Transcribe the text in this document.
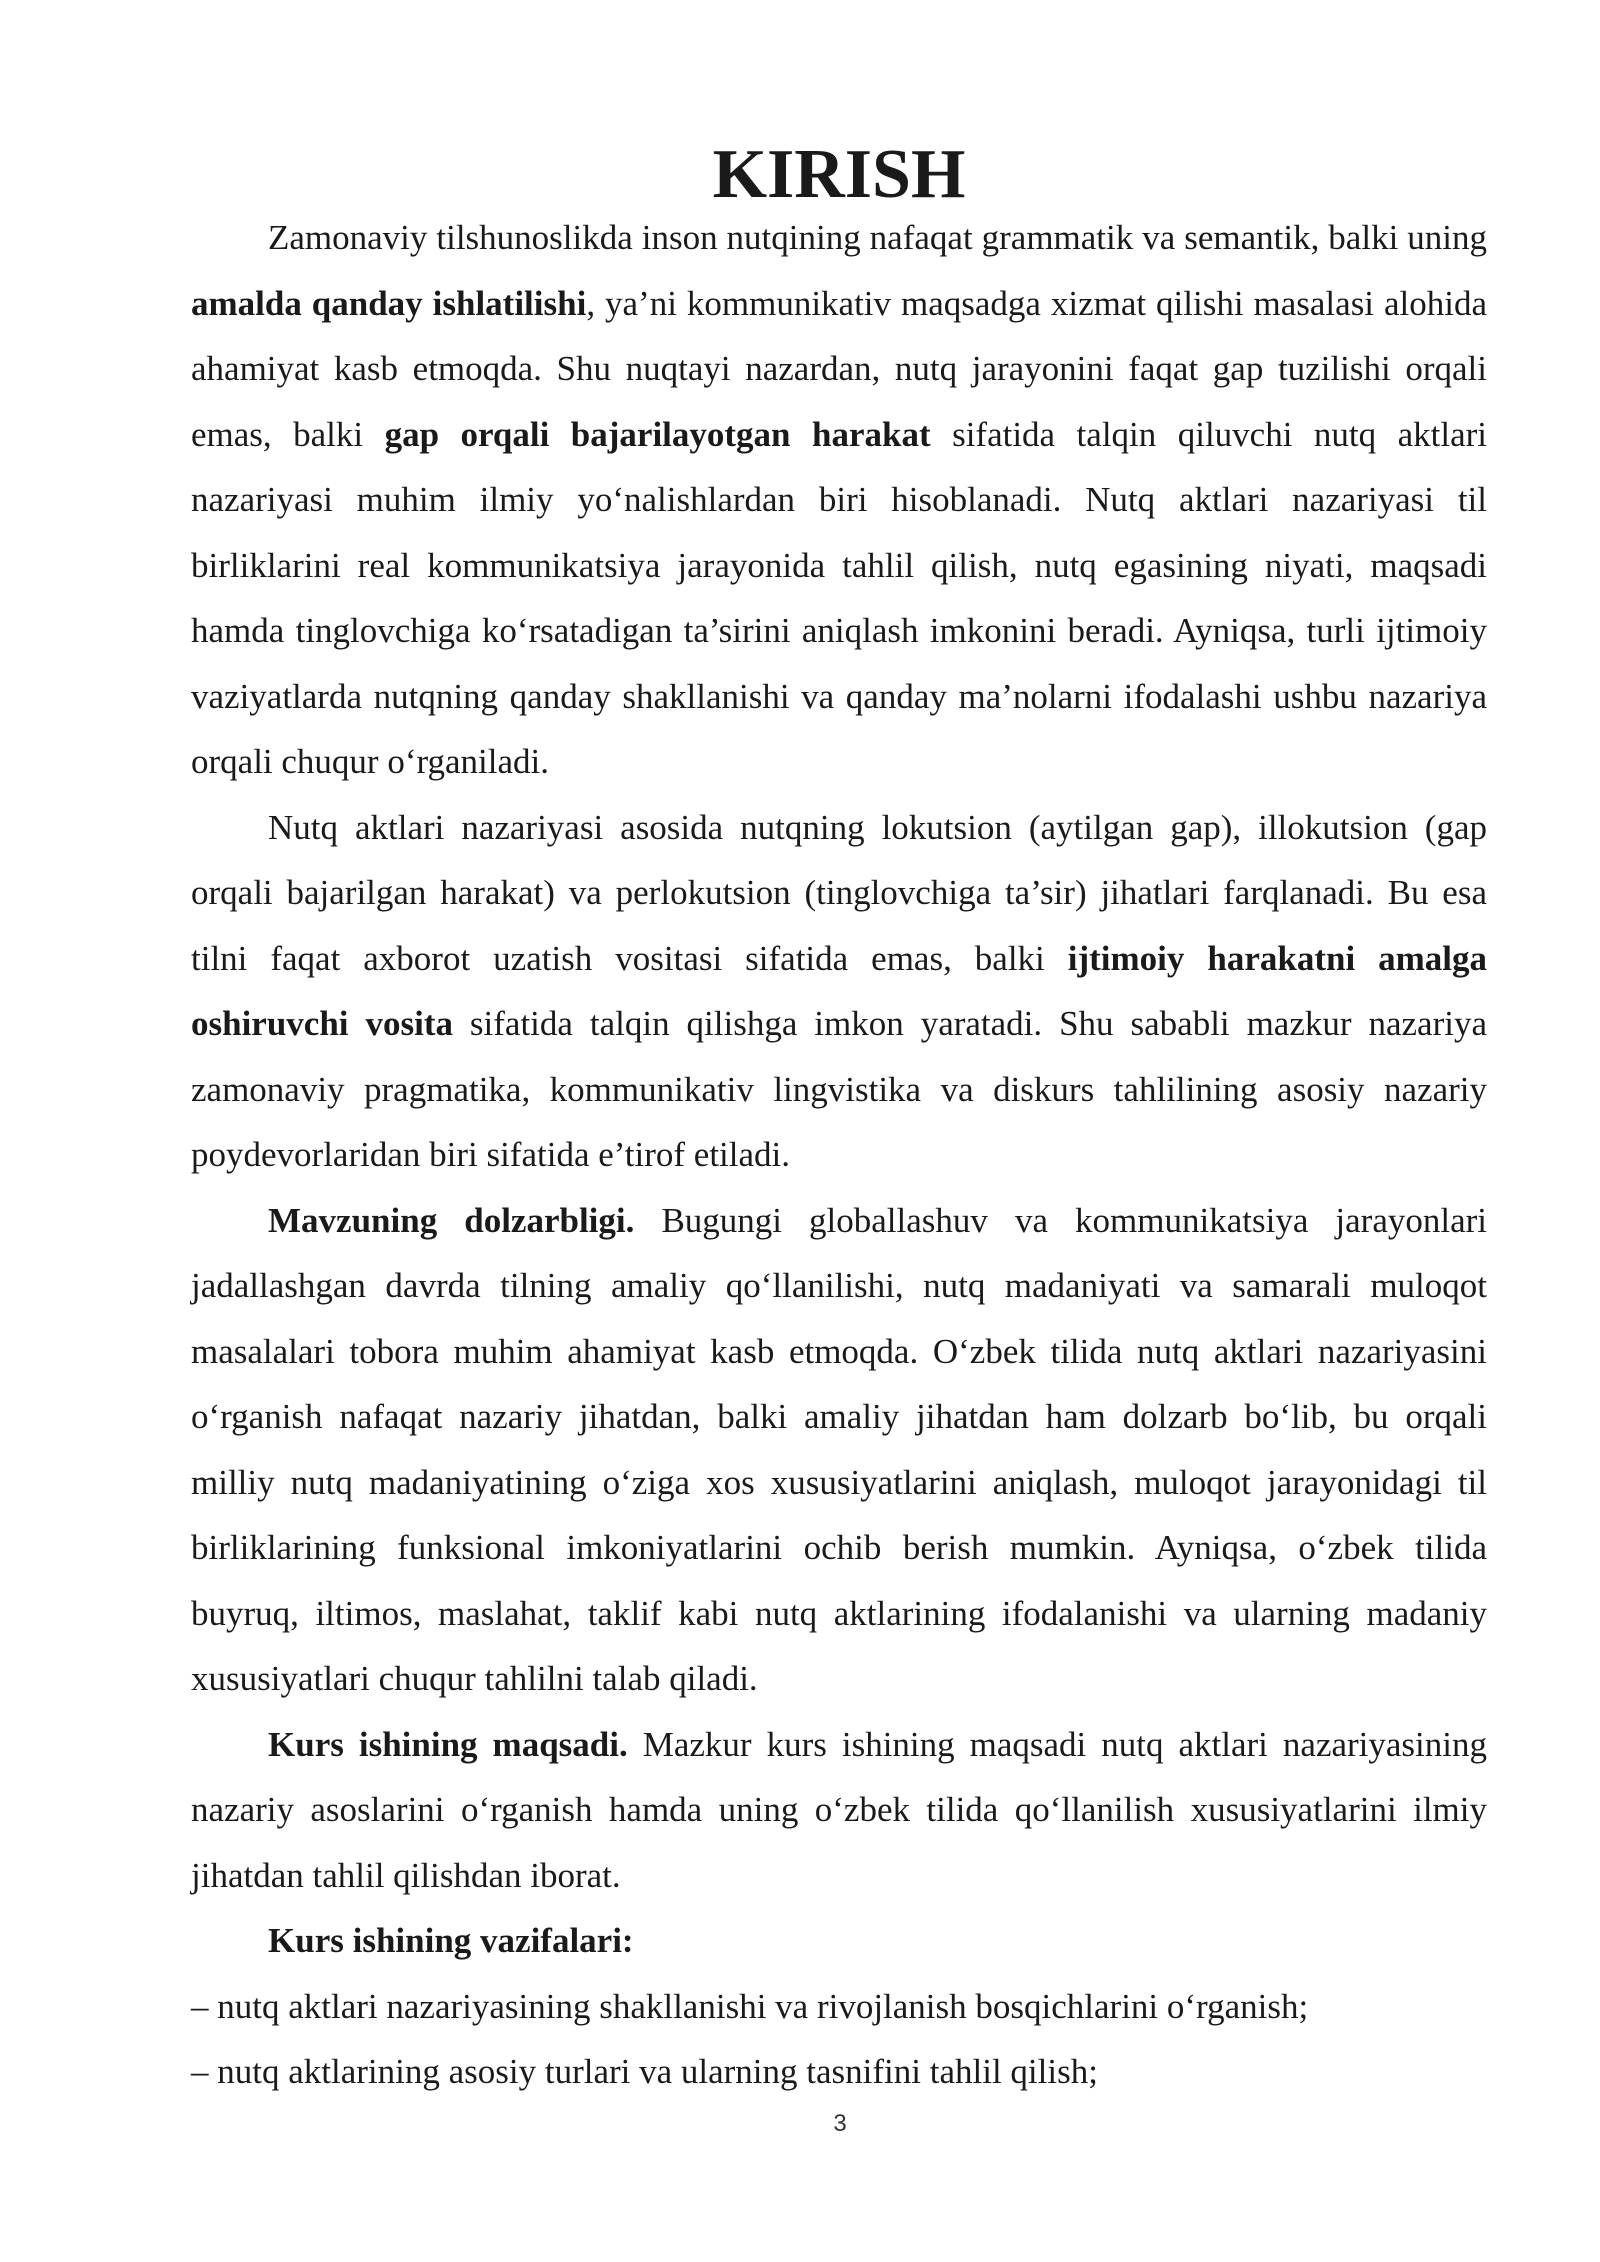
KIRISH

Zamonaviy tilshunoslikda inson nutqining nafaqat grammatik va semantik, balki uning amalda qanday ishlatilishi, ya’ni kommunikativ maqsadga xizmat qilishi masalasi alohida ahamiyat kasb etmoqda. Shu nuqtayi nazardan, nutq jarayonini faqat gap tuzilishi orqali emas, balki gap orqali bajarilayotgan harakat sifatida talqin qiluvchi nutq aktlari nazariyasi muhim ilmiy yo‘nalishlardan biri hisoblanadi. Nutq aktlari nazariyasi til birliklarini real kommunikatsiya jarayonida tahlil qilish, nutq egasining niyati, maqsadi hamda tinglovchiga ko‘rsatadigan ta’sirini aniqlash imkonini beradi. Ayniqsa, turli ijtimoiy vaziyatlarda nutqning qanday shakllanishi va qanday ma’nolarni ifodalashi ushbu nazariya orqali chuqur o‘rganiladi.

Nutq aktlari nazariyasi asosida nutqning lokutsion (aytilgan gap), illokutsion (gap orqali bajarilgan harakat) va perlokutsion (tinglovchiga ta’sir) jihatlari farqlanadi. Bu esa tilni faqat axborot uzatish vositasi sifatida emas, balki ijtimoiy harakatni amalga oshiruvchi vosita sifatida talqin qilishga imkon yaratadi. Shu sababli mazkur nazariya zamonaviy pragmatika, kommunikativ lingvistika va diskurs tahlilining asosiy nazariy poydevorlaridan biri sifatida e’tirof etiladi.

Mavzuning dolzarbligi. Bugungi globallashuv va kommunikatsiya jarayonlari jadallashgan davrda tilning amaliy qo‘llanilishi, nutq madaniyati va samarali muloqot masalalari tobora muhim ahamiyat kasb etmoqda. O‘zbek tilida nutq aktlari nazariyasini o‘rganish nafaqat nazariy jihatdan, balki amaliy jihatdan ham dolzarb bo‘lib, bu orqali milliy nutq madaniyatining o‘ziga xos xususiyatlarini aniqlash, muloqot jarayonidagi til birliklarining funksional imkoniyatlarini ochib berish mumkin. Ayniqsa, o‘zbek tilida buyruq, iltimos, maslahat, taklif kabi nutq aktlarining ifodalanishi va ularning madaniy xususiyatlari chuqur tahlilni talab qiladi.

Kurs ishining maqsadi. Mazkur kurs ishining maqsadi nutq aktlari nazariyasining nazariy asoslarini o‘rganish hamda uning o‘zbek tilida qo‘llanilish xususiyatlarini ilmiy jihatdan tahlil qilishdan iborat.

Kurs ishining vazifalari:

– nutq aktlari nazariyasining shakllanishi va rivojlanish bosqichlarini o‘rganish;

– nutq aktlarining asosiy turlari va ularning tasnifini tahlil qilish;

3
